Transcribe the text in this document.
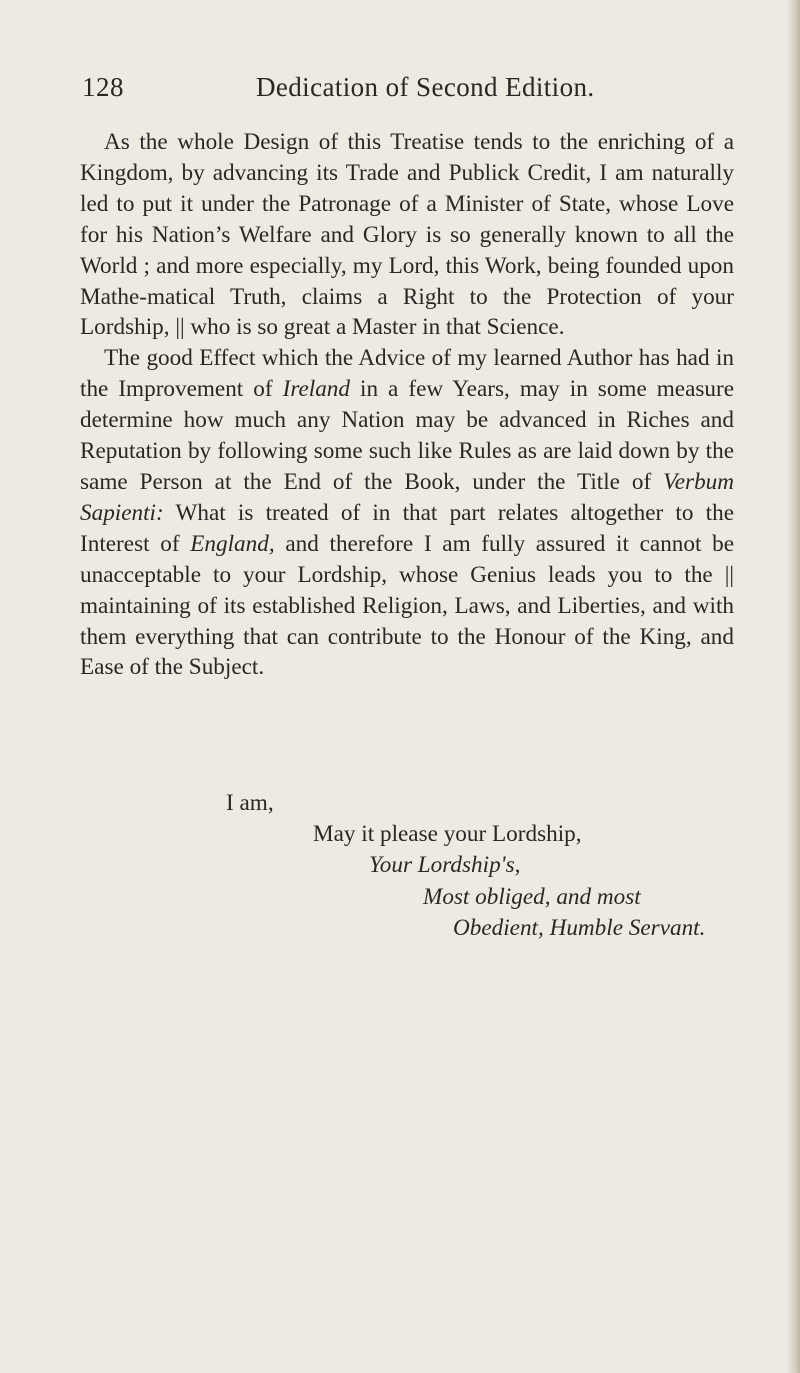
128	Dedication of Second Edition.

As the whole Design of this Treatise tends to the enriching of a Kingdom, by advancing its Trade and Publick Credit, I am naturally led to put it under the Patronage of a Minister of State, whose Love for his Nation’s Welfare and Glory is so generally known to all the World ; and more especially, my Lord, this Work, being founded upon Mathe-matical Truth, claims a Right to the Protection of your Lordship, || who is so great a Master in that Science.

The good Effect which the Advice of my learned Author has had in the Improvement of Ireland in a few Years, may in some measure determine how much any Nation may be advanced in Riches and Reputation by following some such like Rules as are laid down by the same Person at the End of the Book, under the Title of Verbum Sapienti: What is treated of in that part relates altogether to the Interest of England, and therefore I am fully assured it cannot be unacceptable to your Lordship, whose Genius leads you to the || maintaining of its established Religion, Laws, and Liberties, and with them everything that can contribute to the Honour of the King, and Ease of the Subject.

I am,
May it please your Lordship,
Your Lordship's,
Most obliged, and most
Obedient, Humble Servant.
